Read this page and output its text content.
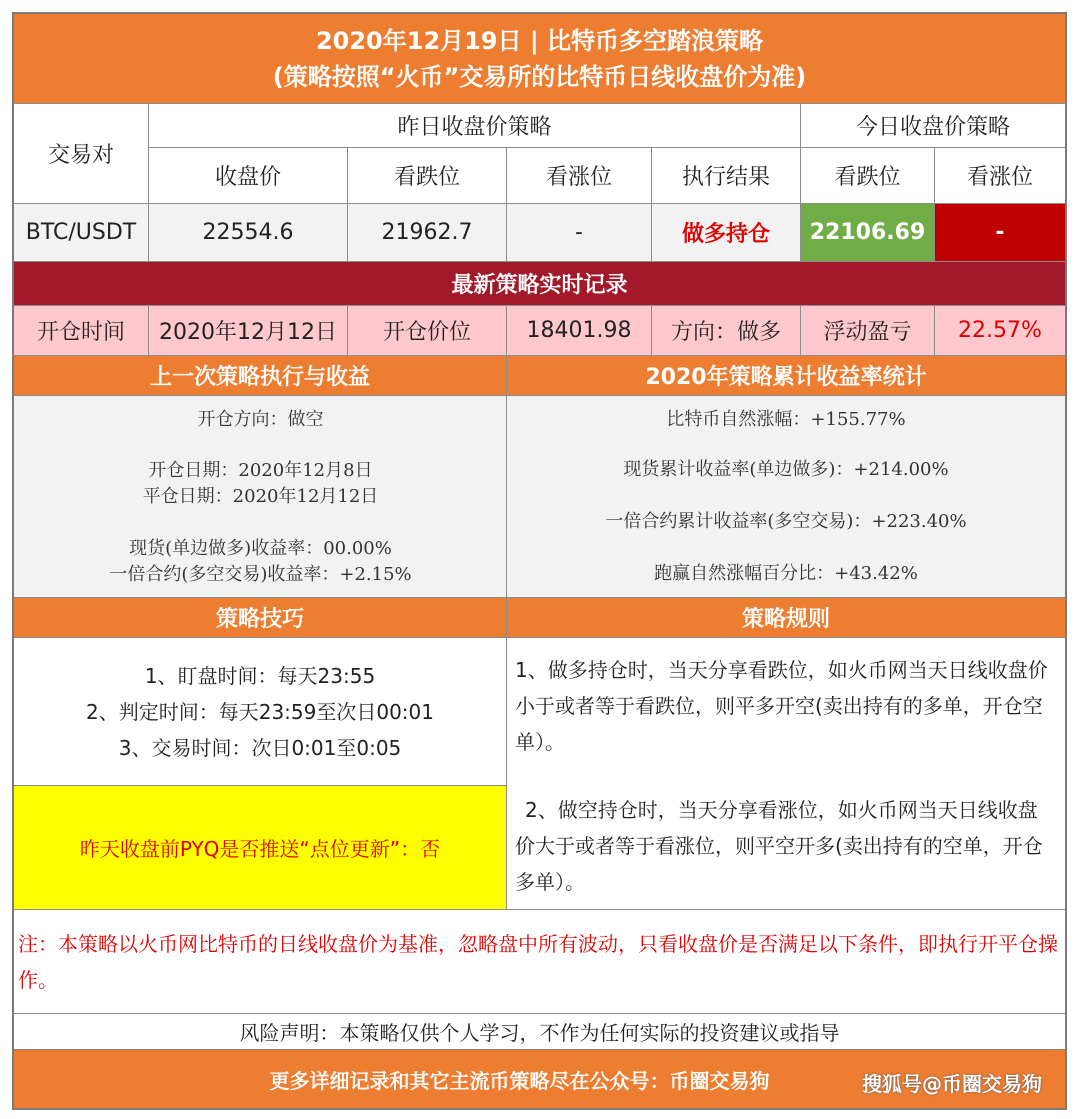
2020年12月19日 | 比特币多空踏浪策略
(策略按照“火币”交易所的比特币日线收盘价为准)
交易对
昨日收盘价策略	今日收盘价策略
收盘价	看跌位	看涨位	执行结果	看跌位	看涨位
BTC/USDT	22554.6	21962.7	-	做多持仓	22106.69	-
最新策略实时记录
开仓时间	2020年12月12日	开仓价位	18401.98	方向：做多	浮动盈亏	22.57%
上一次策略执行与收益	2020年策略累计收益率统计
开仓方向：做空
开仓日期：2020年12月8日
平仓日期：2020年12月12日
现货(单边做多)收益率：00.00%
一倍合约(多空交易)收益率：+2.15%
比特币自然涨幅：+155.77%
现货累计收益率(单边做多)：+214.00%
一倍合约累计收益率(多空交易)：+223.40%
跑赢自然涨幅百分比：+43.42%
策略技巧	策略规则
1、盯盘时间：每天23:55
2、判定时间：每天23:59至次日00:01
3、交易时间：次日0:01至0:05
昨天收盘前PYQ是否推送“点位更新”：否
1、做多持仓时，当天分享看跌位，如火币网当天日线收盘价小于或者等于看跌位，则平多开空(卖出持有的多单，开仓空单）。
2、做空持仓时，当天分享看涨位，如火币网当天日线收盘价大于或者等于看涨位，则平空开多(卖出持有的空单，开仓多单）。
注：本策略以火币网比特币的日线收盘价为基准，忽略盘中所有波动，只看收盘价是否满足以下条件，即执行开平仓操作。
风险声明：本策略仅供个人学习，不作为任何实际的投资建议或指导
更多详细记录和其它主流币策略尽在公众号：币圈交易狗	搜狐号@币圈交易狗
